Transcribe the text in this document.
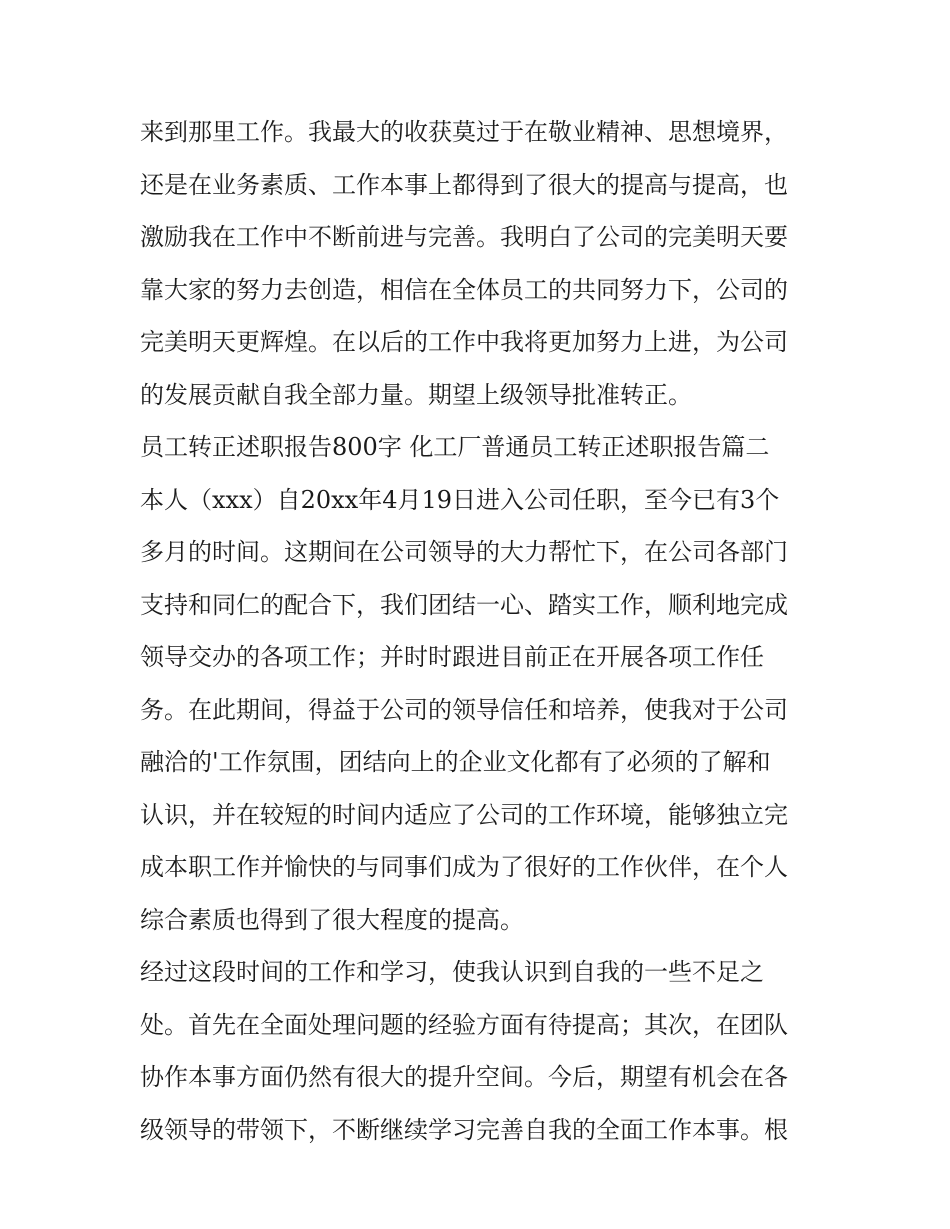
来到那里工作。我最大的收获莫过于在敬业精神、思想境界，
还是在业务素质、工作本事上都得到了很大的提高与提高，也
激励我在工作中不断前进与完善。我明白了公司的完美明天要
靠大家的努力去创造，相信在全体员工的共同努力下，公司的
完美明天更辉煌。在以后的工作中我将更加努力上进，为公司
的发展贡献自我全部力量。期望上级领导批准转正。
员工转正述职报告800字 化工厂普通员工转正述职报告篇二
本人（xxx）自20xx年4月19日进入公司任职，至今已有3个
多月的时间。这期间在公司领导的大力帮忙下，在公司各部门
支持和同仁的配合下，我们团结一心、踏实工作，顺利地完成
领导交办的各项工作；并时时跟进目前正在开展各项工作任
务。在此期间，得益于公司的领导信任和培养，使我对于公司
融洽的'工作氛围，团结向上的企业文化都有了必须的了解和
认识，并在较短的时间内适应了公司的工作环境，能够独立完
成本职工作并愉快的与同事们成为了很好的工作伙伴，在个人
综合素质也得到了很大程度的提高。
经过这段时间的工作和学习，使我认识到自我的一些不足之
处。首先在全面处理问题的经验方面有待提高；其次，在团队
协作本事方面仍然有很大的提升空间。今后，期望有机会在各
级领导的带领下，不断继续学习完善自我的全面工作本事。根
